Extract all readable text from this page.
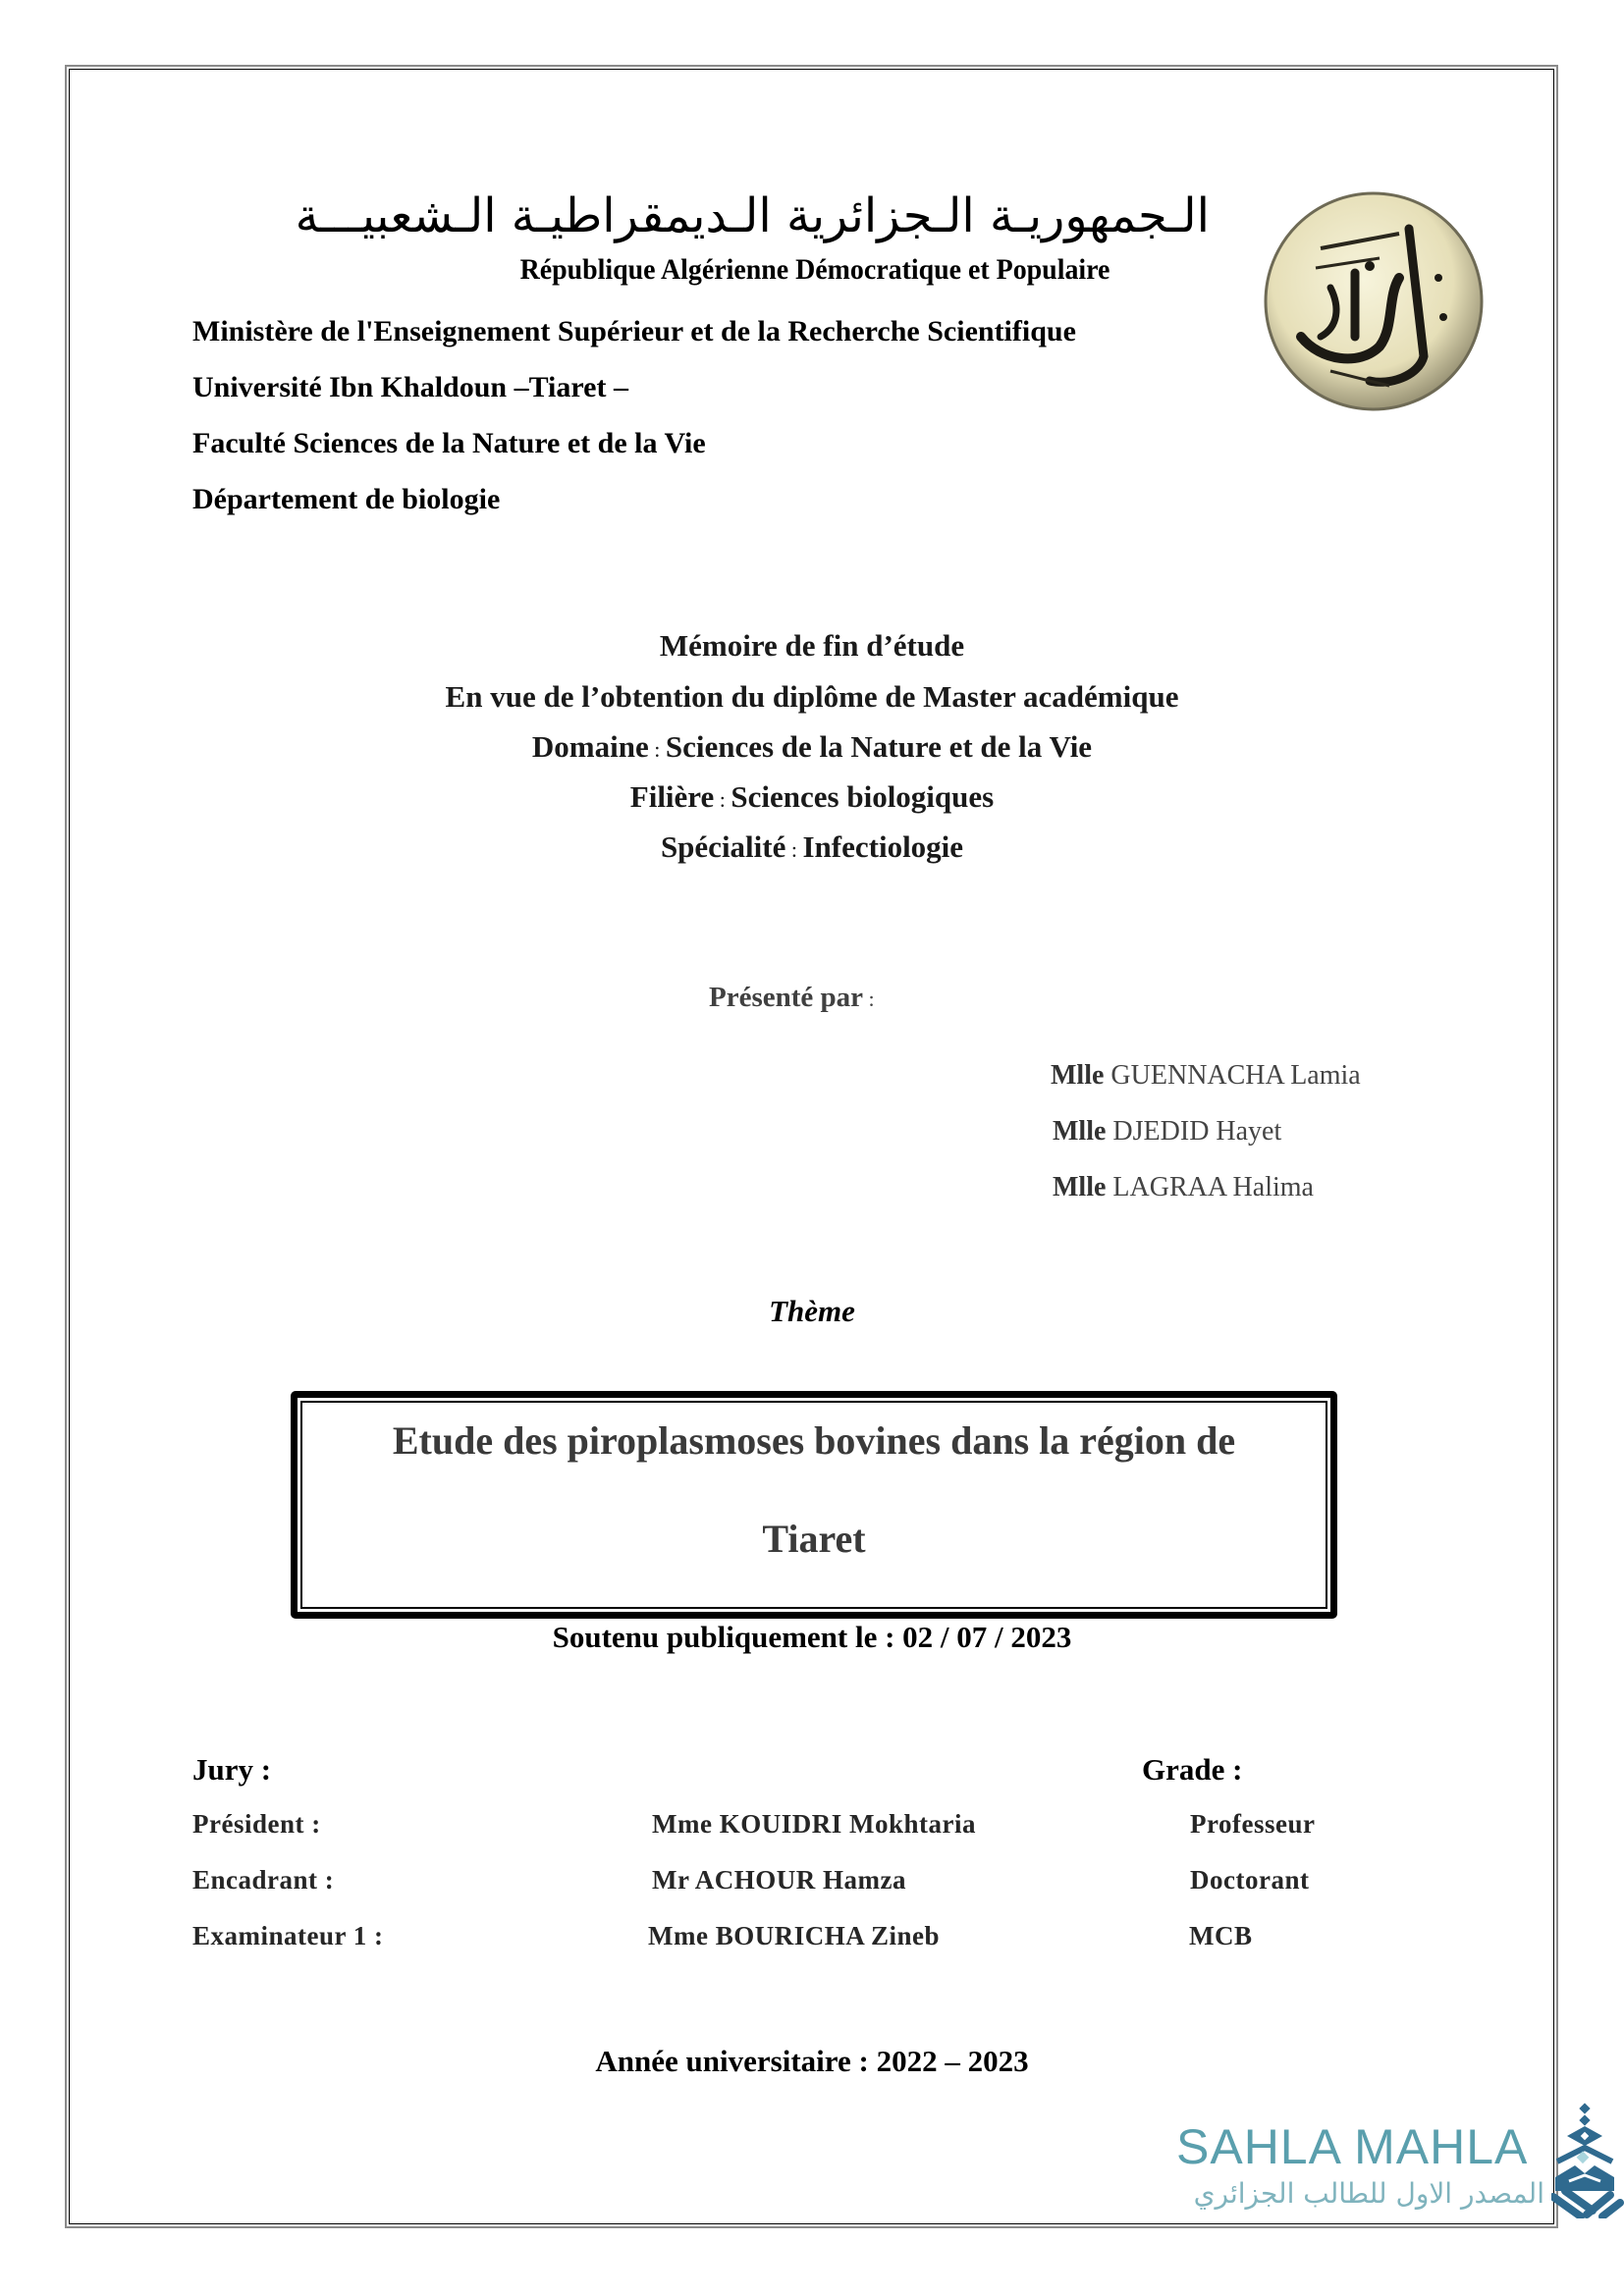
الـجمهوريـة الـجزائرية الـديمقراطيـة الـشعبيـــة
République Algérienne Démocratique et Populaire
Ministère de l'Enseignement Supérieur et de la Recherche Scientifique
Université Ibn Khaldoun –Tiaret –
Faculté Sciences de la Nature et de la Vie
Département de biologie
Mémoire de fin d’étude
En vue de l’obtention du diplôme de Master académique
Domaine : Sciences de la Nature et de la Vie
Filière : Sciences biologiques
Spécialité : Infectiologie
Présenté par :
Mlle GUENNACHA Lamia
Mlle DJEDID Hayet
Mlle LAGRAA Halima
Thème
Etude des piroplasmoses bovines dans la région de
Tiaret
Soutenu publiquement le : 02 / 07 / 2023
Jury :	Grade :
Président :	Mme KOUIDRI Mokhtaria	Professeur
Encadrant :	Mr ACHOUR Hamza	Doctorant
Examinateur 1 :	Mme BOURICHA Zineb	MCB
Année universitaire : 2022 – 2023
SAHLA MAHLA
المصدر الاول للطالب الجزائري
